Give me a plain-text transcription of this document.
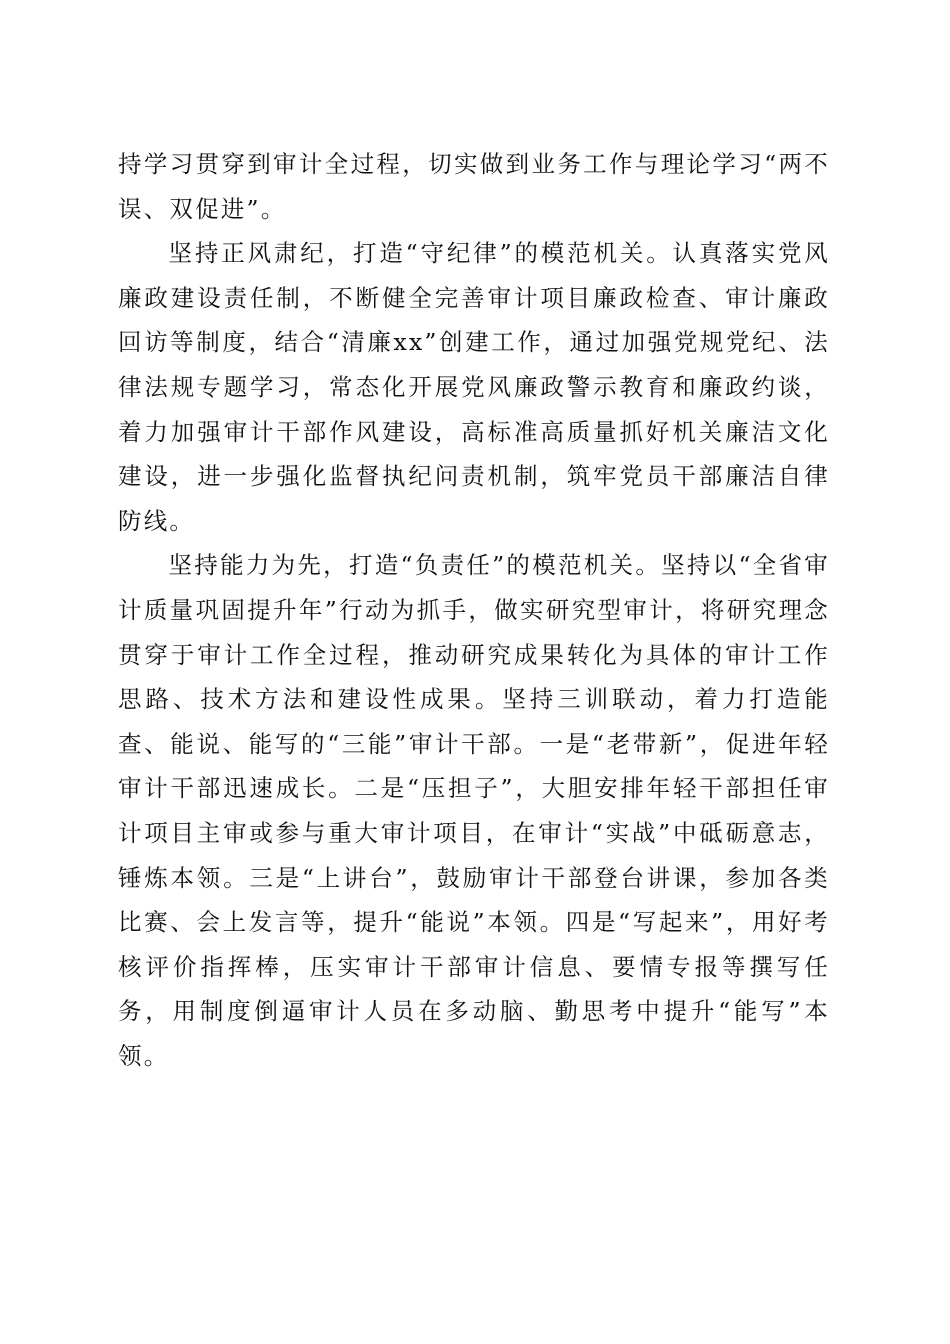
持学习贯穿到审计全过程，切实做到业务工作与理论学习“两不误、双促进”。

坚持正风肃纪，打造“守纪律”的模范机关。认真落实党风廉政建设责任制，不断健全完善审计项目廉政检查、审计廉政回访等制度，结合“清廉xx”创建工作，通过加强党规党纪、法律法规专题学习，常态化开展党风廉政警示教育和廉政约谈，着力加强审计干部作风建设，高标准高质量抓好机关廉洁文化建设，进一步强化监督执纪问责机制，筑牢党员干部廉洁自律防线。

坚持能力为先，打造“负责任”的模范机关。坚持以“全省审计质量巩固提升年”行动为抓手，做实研究型审计，将研究理念贯穿于审计工作全过程，推动研究成果转化为具体的审计工作思路、技术方法和建设性成果。坚持三训联动，着力打造能查、能说、能写的“三能”审计干部。一是“老带新”，促进年轻审计干部迅速成长。二是“压担子”，大胆安排年轻干部担任审计项目主审或参与重大审计项目，在审计“实战”中砥砺意志，锤炼本领。三是“上讲台”，鼓励审计干部登台讲课，参加各类比赛、会上发言等，提升“能说”本领。四是“写起来”，用好考核评价指挥棒，压实审计干部审计信息、要情专报等撰写任务，用制度倒逼审计人员在多动脑、勤思考中提升“能写”本领。
